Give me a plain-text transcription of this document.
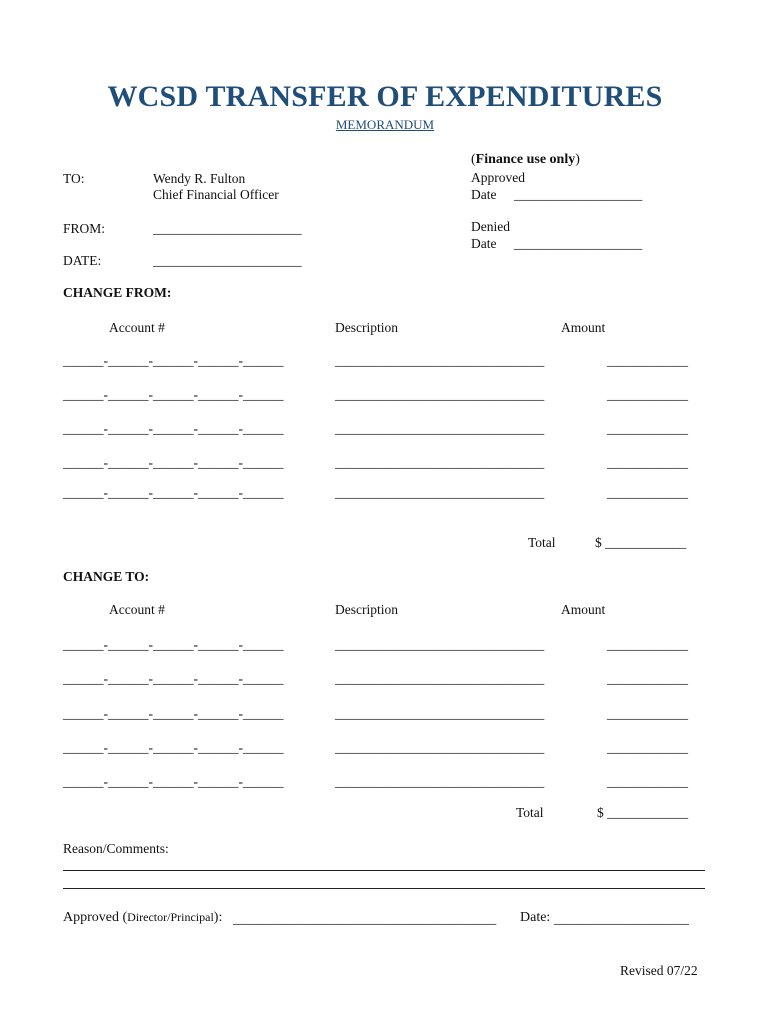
WCSD TRANSFER OF EXPENDITURES
MEMORANDUM
TO:	Wendy R. Fulton
Chief Financial Officer
FROM:	______________________
DATE:	______________________
(Finance use only)
Approved
Date ___________________
Denied
Date ___________________
CHANGE FROM:
Account #	Description	Amount
______-______-______-______-______	_______________________________	____________
______-______-______-______-______	_______________________________	____________
______-______-______-______-______	_______________________________	____________
______-______-______-______-______	_______________________________	____________
______-______-______-______-______	_______________________________	____________
Total	$ ____________
CHANGE TO:
Account #	Description	Amount
______-______-______-______-______	_______________________________	____________
______-______-______-______-______	_______________________________	____________
______-______-______-______-______	_______________________________	____________
______-______-______-______-______	_______________________________	____________
______-______-______-______-______	_______________________________	____________
Total	$ ____________
Reason/Comments:
Approved (Director/Principal): _______________________________________ Date: ____________________
Revised 07/22
